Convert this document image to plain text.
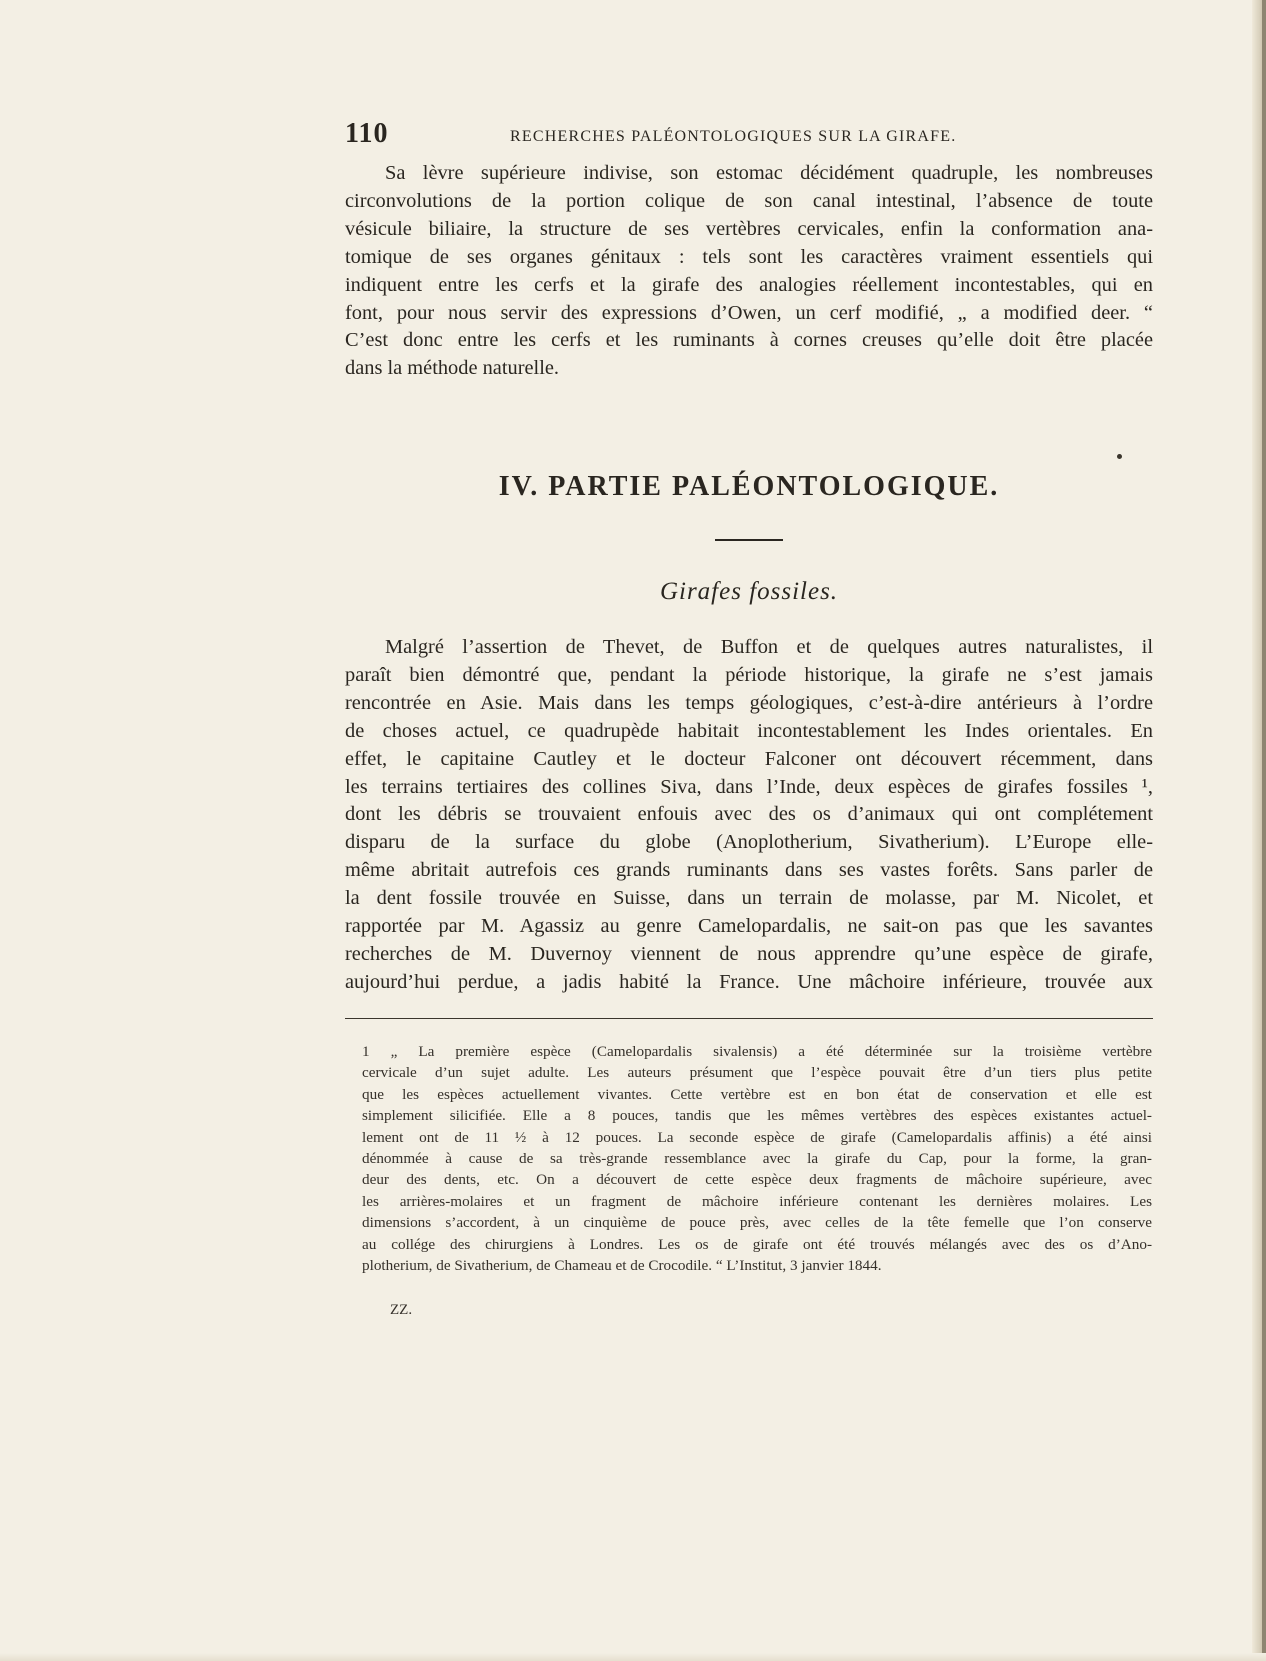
110	RECHERCHES PALÉONTOLOGIQUES SUR LA GIRAFE.

Sa lèvre supérieure indivise, son estomac décidément quadruple, les nombreuses
circonvolutions de la portion colique de son canal intestinal, l’absence de toute
vésicule biliaire, la structure de ses vertèbres cervicales, enfin la conformation ana-
tomique de ses organes génitaux : tels sont les caractères vraiment essentiels qui
indiquent entre les cerfs et la girafe des analogies réellement incontestables, qui en
font, pour nous servir des expressions d’Owen, un cerf modifié, „ a modified deer. “
C’est donc entre les cerfs et les ruminants à cornes creuses qu’elle doit être placée
dans la méthode naturelle.

IV. PARTIE PALÉONTOLOGIQUE.
Girafes fossiles.

Malgré l’assertion de Thevet, de Buffon et de quelques autres naturalistes, il
paraît bien démontré que, pendant la période historique, la girafe ne s’est jamais
rencontrée en Asie. Mais dans les temps géologiques, c’est-à-dire antérieurs à l’ordre
de choses actuel, ce quadrupède habitait incontestablement les Indes orientales. En
effet, le capitaine Cautley et le docteur Falconer ont découvert récemment, dans
les terrains tertiaires des collines Siva, dans l’Inde, deux espèces de girafes fossiles ¹,
dont les débris se trouvaient enfouis avec des os d’animaux qui ont complétement
disparu de la surface du globe (Anoplotherium, Sivatherium). L’Europe elle-
même abritait autrefois ces grands ruminants dans ses vastes forêts. Sans parler de
la dent fossile trouvée en Suisse, dans un terrain de molasse, par M. Nicolet, et
rapportée par M. Agassiz au genre Camelopardalis, ne sait-on pas que les savantes
recherches de M. Duvernoy viennent de nous apprendre qu’une espèce de girafe,
aujourd’hui perdue, a jadis habité la France. Une mâchoire inférieure, trouvée aux

1 „ La première espèce (Camelopardalis sivalensis) a été déterminée sur la troisième vertèbre
cervicale d’un sujet adulte. Les auteurs présument que l’espèce pouvait être d’un tiers plus petite
que les espèces actuellement vivantes. Cette vertèbre est en bon état de conservation et elle est
simplement silicifiée. Elle a 8 pouces, tandis que les mêmes vertèbres des espèces existantes actuel-
lement ont de 11 ½ à 12 pouces. La seconde espèce de girafe (Camelopardalis affinis) a été ainsi
dénommée à cause de sa très-grande ressemblance avec la girafe du Cap, pour la forme, la gran-
deur des dents, etc. On a découvert de cette espèce deux fragments de mâchoire supérieure, avec
les arrières-molaires et un fragment de mâchoire inférieure contenant les dernières molaires. Les
dimensions s’accordent, à un cinquième de pouce près, avec celles de la tête femelle que l’on conserve
au collége des chirurgiens à Londres. Les os de girafe ont été trouvés mélangés avec des os d’Ano-
plotherium, de Sivatherium, de Chameau et de Crocodile. “ L’Institut, 3 janvier 1844.

ZZ.
